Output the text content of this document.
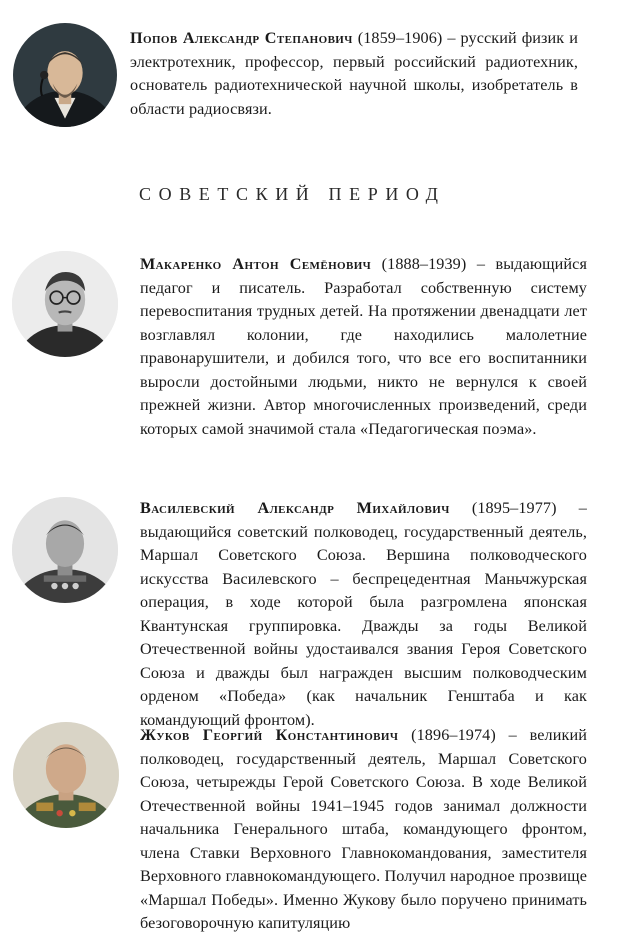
Попов Александр Степанович (1859–1906) – русский физик и электротехник, профессор, первый российский радиотехник, основатель радиотехнической научной школы, изобретатель в области радиосвязи.
СОВЕТСКИЙ ПЕРИОД
Макаренко Антон Семёнович (1888–1939) – выдающийся педагог и писатель. Разработал собственную систему перевоспитания трудных детей. На протяжении двенадцати лет возглавлял колонии, где находились малолетние правонарушители, и добился того, что все его воспитанники выросли достойными людьми, никто не вернулся к своей прежней жизни. Автор многочисленных произведений, среди которых самой значимой стала «Педагогическая поэма».
Василевский Александр Михайлович (1895–1977) – выдающийся советский полководец, государственный деятель, Маршал Советского Союза. Вершина полководческого искусства Василевского – беспрецедентная Маньчжурская операция, в ходе которой была разгромлена японская Квантунская группировка. Дважды за годы Великой Отечественной войны удостаивался звания Героя Советского Союза и дважды был награжден высшим полководческим орденом «Победа» (как начальник Генштаба и как командующий фронтом).
Жуков Георгий Константинович (1896–1974) – великий полководец, государственный деятель, Маршал Советского Союза, четырежды Герой Советского Союза. В ходе Великой Отечественной войны 1941–1945 годов занимал должности начальника Генерального штаба, командующего фронтом, члена Ставки Верховного Главнокомандования, заместителя Верховного главнокомандующего. Получил народное прозвище «Маршал Победы». Именно Жукову было поручено принимать безоговорочную капитуляцию
